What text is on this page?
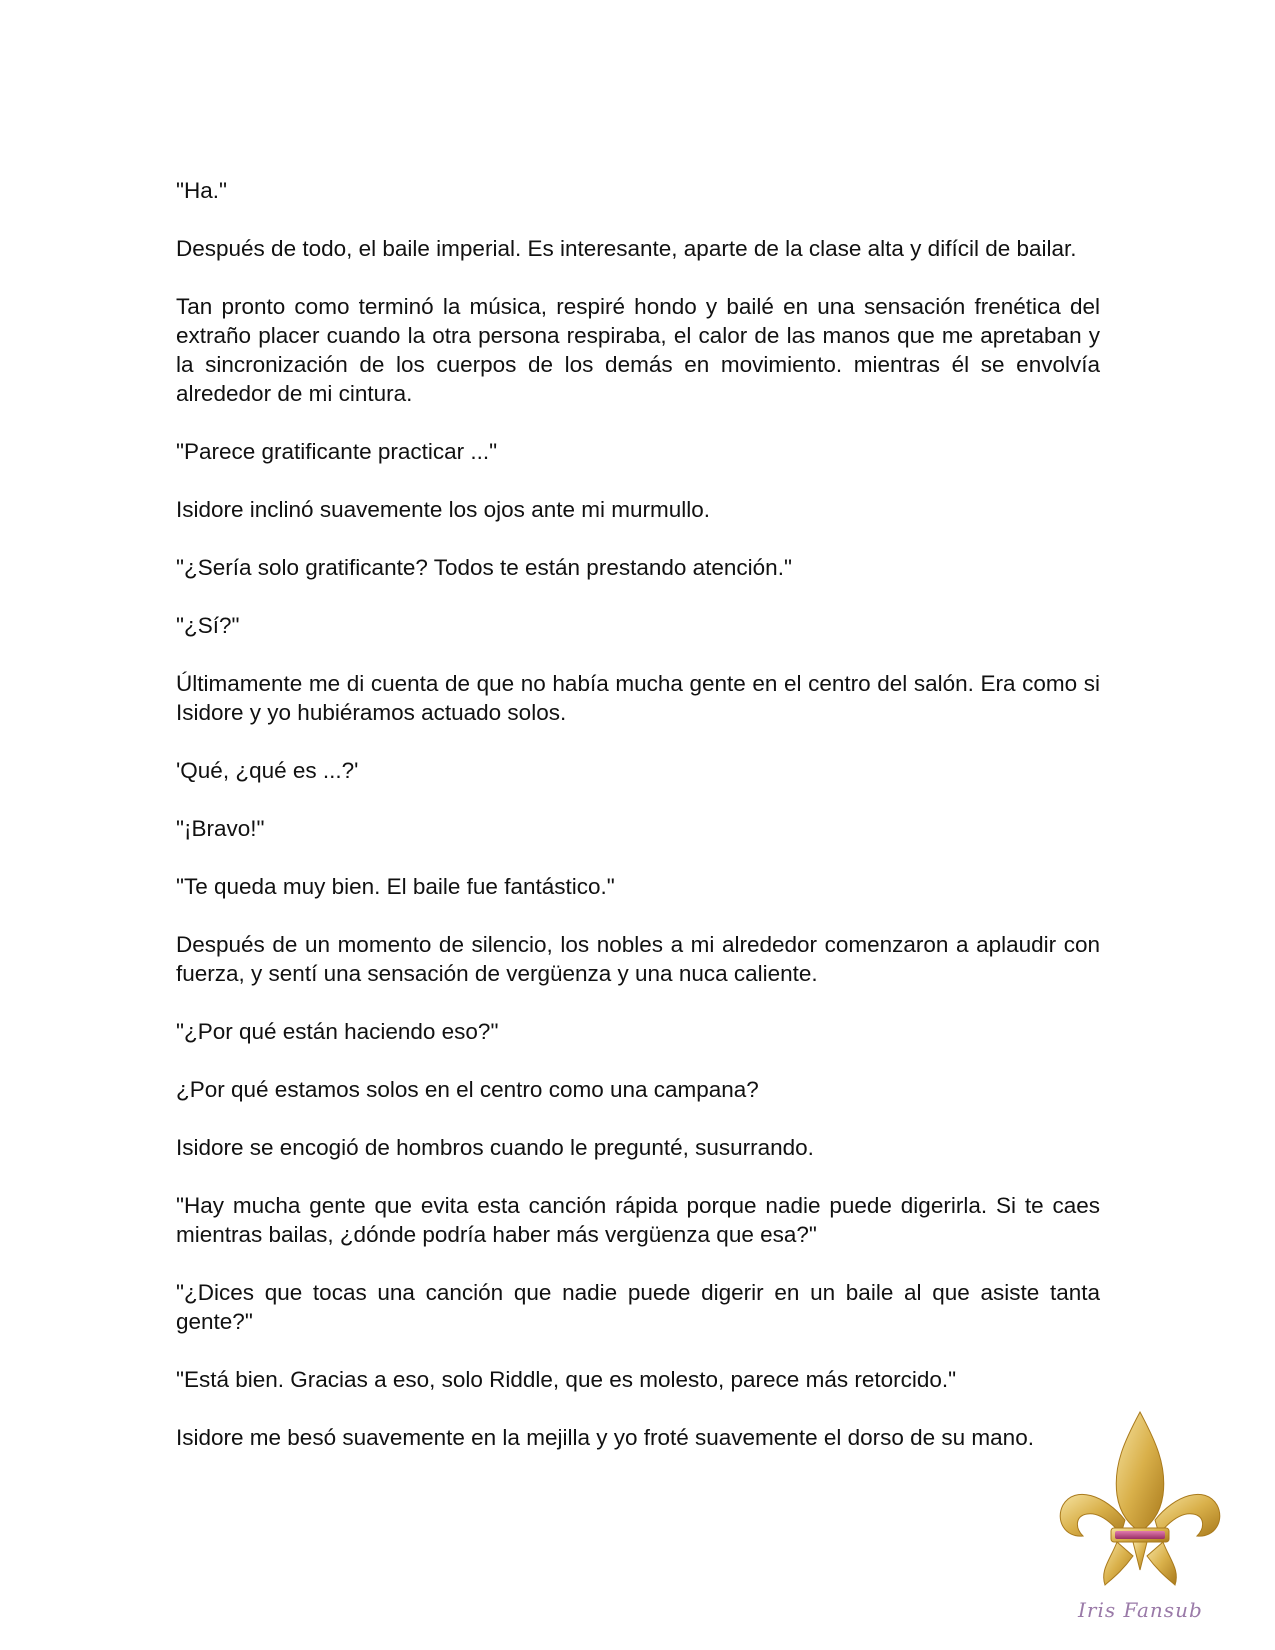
"Ha."

Después de todo, el baile imperial. Es interesante, aparte de la clase alta y difícil de bailar.

Tan pronto como terminó la música, respiré hondo y bailé en una sensación frenética del extraño placer cuando la otra persona respiraba, el calor de las manos que me apretaban y la sincronización de los cuerpos de los demás en movimiento. mientras él se envolvía alrededor de mi cintura.

"Parece gratificante practicar ..."

Isidore inclinó suavemente los ojos ante mi murmullo.

"¿Sería solo gratificante? Todos te están prestando atención."

"¿Sí?"

Últimamente me di cuenta de que no había mucha gente en el centro del salón. Era como si Isidore y yo hubiéramos actuado solos.

'Qué, ¿qué es ...?'

"¡Bravo!"

"Te queda muy bien. El baile fue fantástico."

Después de un momento de silencio, los nobles a mi alrededor comenzaron a aplaudir con fuerza, y sentí una sensación de vergüenza y una nuca caliente.

"¿Por qué están haciendo eso?"

¿Por qué estamos solos en el centro como una campana?

Isidore se encogió de hombros cuando le pregunté, susurrando.

"Hay mucha gente que evita esta canción rápida porque nadie puede digerirla. Si te caes mientras bailas, ¿dónde podría haber más vergüenza que esa?"

"¿Dices que tocas una canción que nadie puede digerir en un baile al que asiste tanta gente?"

"Está bien. Gracias a eso, solo Riddle, que es molesto, parece más retorcido."

Isidore me besó suavemente en la mejilla y yo froté suavemente el dorso de su mano.

Iris Fansub
